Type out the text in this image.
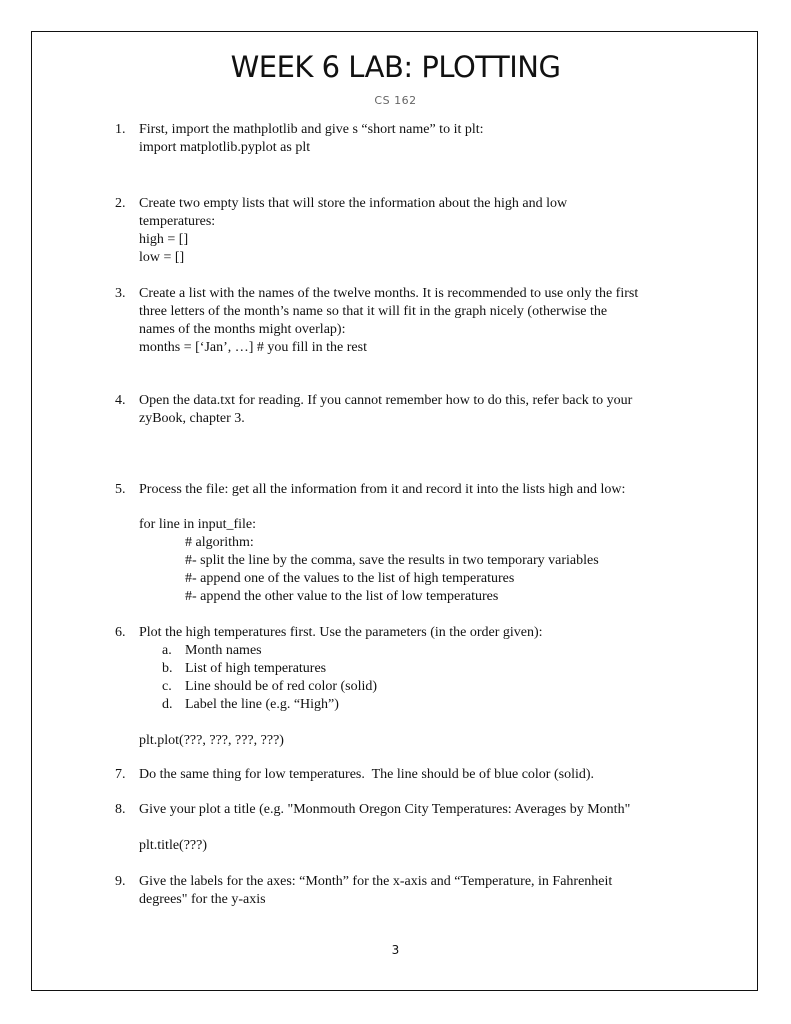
WEEK 6 LAB: PLOTTING
CS 162
1. First, import the mathplotlib and give s “short name” to it plt:
import matplotlib.pyplot as plt
2. Create two empty lists that will store the information about the high and low
temperatures:
high = []
low = []
3. Create a list with the names of the twelve months. It is recommended to use only the first
three letters of the month’s name so that it will fit in the graph nicely (otherwise the
names of the months might overlap):
months = [‘Jan’, …] # you fill in the rest
4. Open the data.txt for reading. If you cannot remember how to do this, refer back to your
zyBook, chapter 3.
5. Process the file: get all the information from it and record it into the lists high and low:
for line in input_file:
# algorithm:
#- split the line by the comma, save the results in two temporary variables
#- append one of the values to the list of high temperatures
#- append the other value to the list of low temperatures
6. Plot the high temperatures first. Use the parameters (in the order given):
a. Month names
b. List of high temperatures
c. Line should be of red color (solid)
d. Label the line (e.g. “High”)
plt.plot(???, ???, ???, ???)
7. Do the same thing for low temperatures.  The line should be of blue color (solid).
8. Give your plot a title (e.g. "Monmouth Oregon City Temperatures: Averages by Month"
plt.title(???)
9. Give the labels for the axes: “Month” for the x-axis and “Temperature, in Fahrenheit
degrees" for the y-axis
3
